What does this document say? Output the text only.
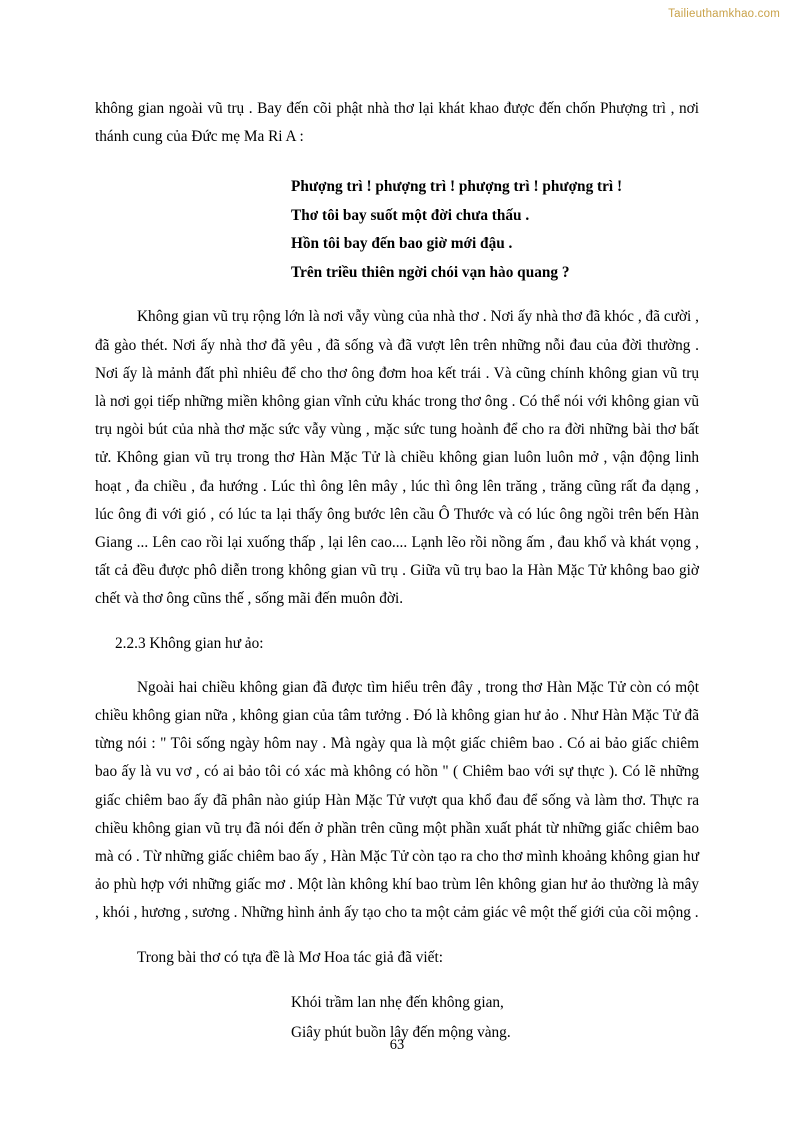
Tailieuthamkhao.com

không gian ngoài vũ trụ . Bay đến cõi phật nhà thơ lại khát khao được đến chốn Phượng trì , nơi thánh cung của Đức mẹ Ma Ri A :

Phượng trì ! phượng trì ! phượng trì ! phượng trì !
Thơ tôi bay suốt một đời chưa thấu .
Hồn tôi bay đến bao giờ mới đậu .
Trên triều thiên ngời chói vạn hào quang ?

Không gian vũ trụ rộng lớn là nơi vẫy vùng của nhà thơ . Nơi ấy nhà thơ đã khóc , đã cười , đã gào thét. Nơi ấy nhà thơ đã yêu , đã sống và đã vượt lên trên những nỗi đau của đời thường . Nơi ấy là mảnh đất phì nhiêu để cho thơ ông đơm hoa kết trái . Và cũng chính không gian vũ trụ là nơi gọi tiếp những miền không gian vĩnh cửu khác trong thơ ông . Có thể nói với không gian vũ trụ ngòi bút của nhà thơ mặc sức vẫy vùng , mặc sức tung hoành để cho ra đời những bài thơ bất tử. Không gian vũ trụ trong thơ Hàn Mặc Tử là chiều không gian luôn luôn mở , vận động linh hoạt , đa chiều , đa hướng . Lúc thì ông lên mây , lúc thì ông lên trăng , trăng cũng rất đa dạng , lúc ông đi với gió , có lúc ta lại thấy ông bước lên cầu Ô Thước và có lúc ông ngồi trên bến Hàn Giang ... Lên cao rồi lại xuống thấp , lại lên cao.... Lạnh lẽo rồi nồng ấm , đau khổ và khát vọng , tất cả đều được phô diễn trong không gian vũ trụ . Giữa vũ trụ bao la Hàn Mặc Tử không bao giờ chết và thơ ông cũns thế , sống mãi đến muôn đời.

2.2.3 Không gian hư ảo:

Ngoài hai chiều không gian đã được tìm hiểu trên đây , trong thơ Hàn Mặc Tử còn có một chiều không gian nữa , không gian của tâm tưởng . Đó là không gian hư ảo . Như Hàn Mặc Tử đã từng nói : " Tôi sống ngày hôm nay . Mà ngày qua là một giấc chiêm bao . Có ai bảo giấc chiêm bao ấy là vu vơ , có ai bảo tôi có xác mà không có hồn " ( Chiêm bao với sự thực ). Có lẽ những giấc chiêm bao ấy đã phân nào giúp Hàn Mặc Tử vượt qua khổ đau để sống và làm thơ. Thực ra chiều không gian vũ trụ đã nói đến ở phần trên cũng một phần xuất phát từ những giấc chiêm bao mà có . Từ những giấc chiêm bao ấy , Hàn Mặc Tử còn tạo ra cho thơ mình khoảng không gian hư ảo phù hợp với những giấc mơ . Một làn không khí bao trùm lên không gian hư ảo thường là mây , khói , hương , sương . Những hình ảnh ấy tạo cho ta một cảm giác vê một thế giới của cõi mộng .

Trong bài thơ có tựa đề là Mơ Hoa tác giả đã viết:

Khói trầm lan nhẹ đến không gian,
Giây phút buồn lây đến mộng vàng.
63
